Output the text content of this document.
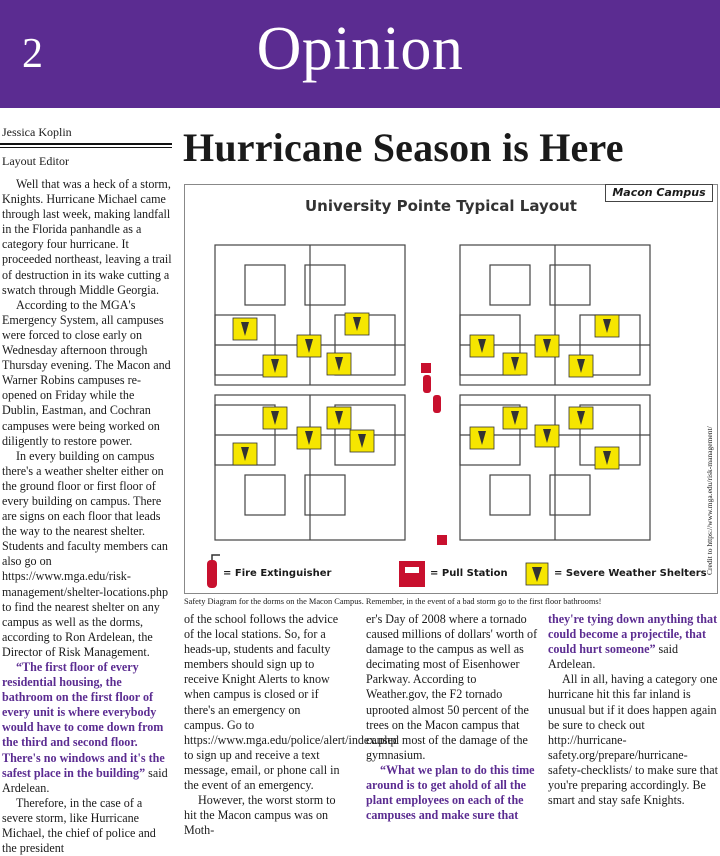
2	Opinion
Jessica Koplin
Layout Editor	Hurricane Season is Here

Well that was a heck of a storm, Knights. Hurricane Michael came through last week, making landfall in the Florida panhandle as a category four hurricane. It proceeded northeast, leaving a trail of destruction in its wake cutting a swatch through Middle Georgia.

According to the MGA's Emergency System, all campuses were forced to close early on Wednesday afternoon through Thursday evening. The Macon and Warner Robins campuses re-opened on Friday while the Dublin, Eastman, and Cochran campuses were being worked on diligently to restore power.

In every building on campus there's a weather shelter either on the ground floor or first floor of every building on campus. There are signs on each floor that leads the way to the nearest shelter. Students and faculty members can also go on https://www.mga.edu/risk-management/shelter-locations.php to find the nearest shelter on any campus as well as the dorms, according to Ron Ardelean, the Director of Risk Management.

“The first floor of every residential housing, the bathroom on the first floor of every unit is where everybody would have to come down from the third and second floor. There's no windows and it's the safest place in the building” said Ardelean.

Therefore, in the case of a severe storm, like Hurricane Michael, the chief of police and the president

Macon Campus
University Pointe Typical Layout
= Fire Extinguisher	= Pull Station	= Severe Weather Shelters
Credit to https://www.mga.edu/risk-management/
Safety Diagram for the dorms on the Macon Campus. Remember, in the event of a bad storm go to the first floor bathrooms!

of the school follows the advice of the local stations. So, for a heads-up, students and faculty members should sign up to receive Knight Alerts to know when campus is closed or if there's an emergency on campus. Go to https://www.mga.edu/police/alert/index.php to sign up and receive a text message, email, or phone call in the event of an emergency.

However, the worst storm to hit the Macon campus was on Moth-

er's Day of 2008 where a tornado caused millions of dollars' worth of damage to the campus as well as decimating most of Eisenhower Parkway. According to Weather.gov, the F2 tornado uprooted almost 50 percent of the trees on the Macon campus that caused most of the damage of the gymnasium.

“What we plan to do this time around is to get ahold of all the plant employees on each of the campuses and make sure that

they're tying down anything that could become a projectile, that could hurt someone” said Ardelean.

All in all, having a category one hurricane hit this far inland is unusual but if it does happen again be sure to check out http://hurricane-safety.org/prepare/hurricane-safety-checklists/ to make sure that you're preparing accordingly. Be smart and stay safe Knights.
